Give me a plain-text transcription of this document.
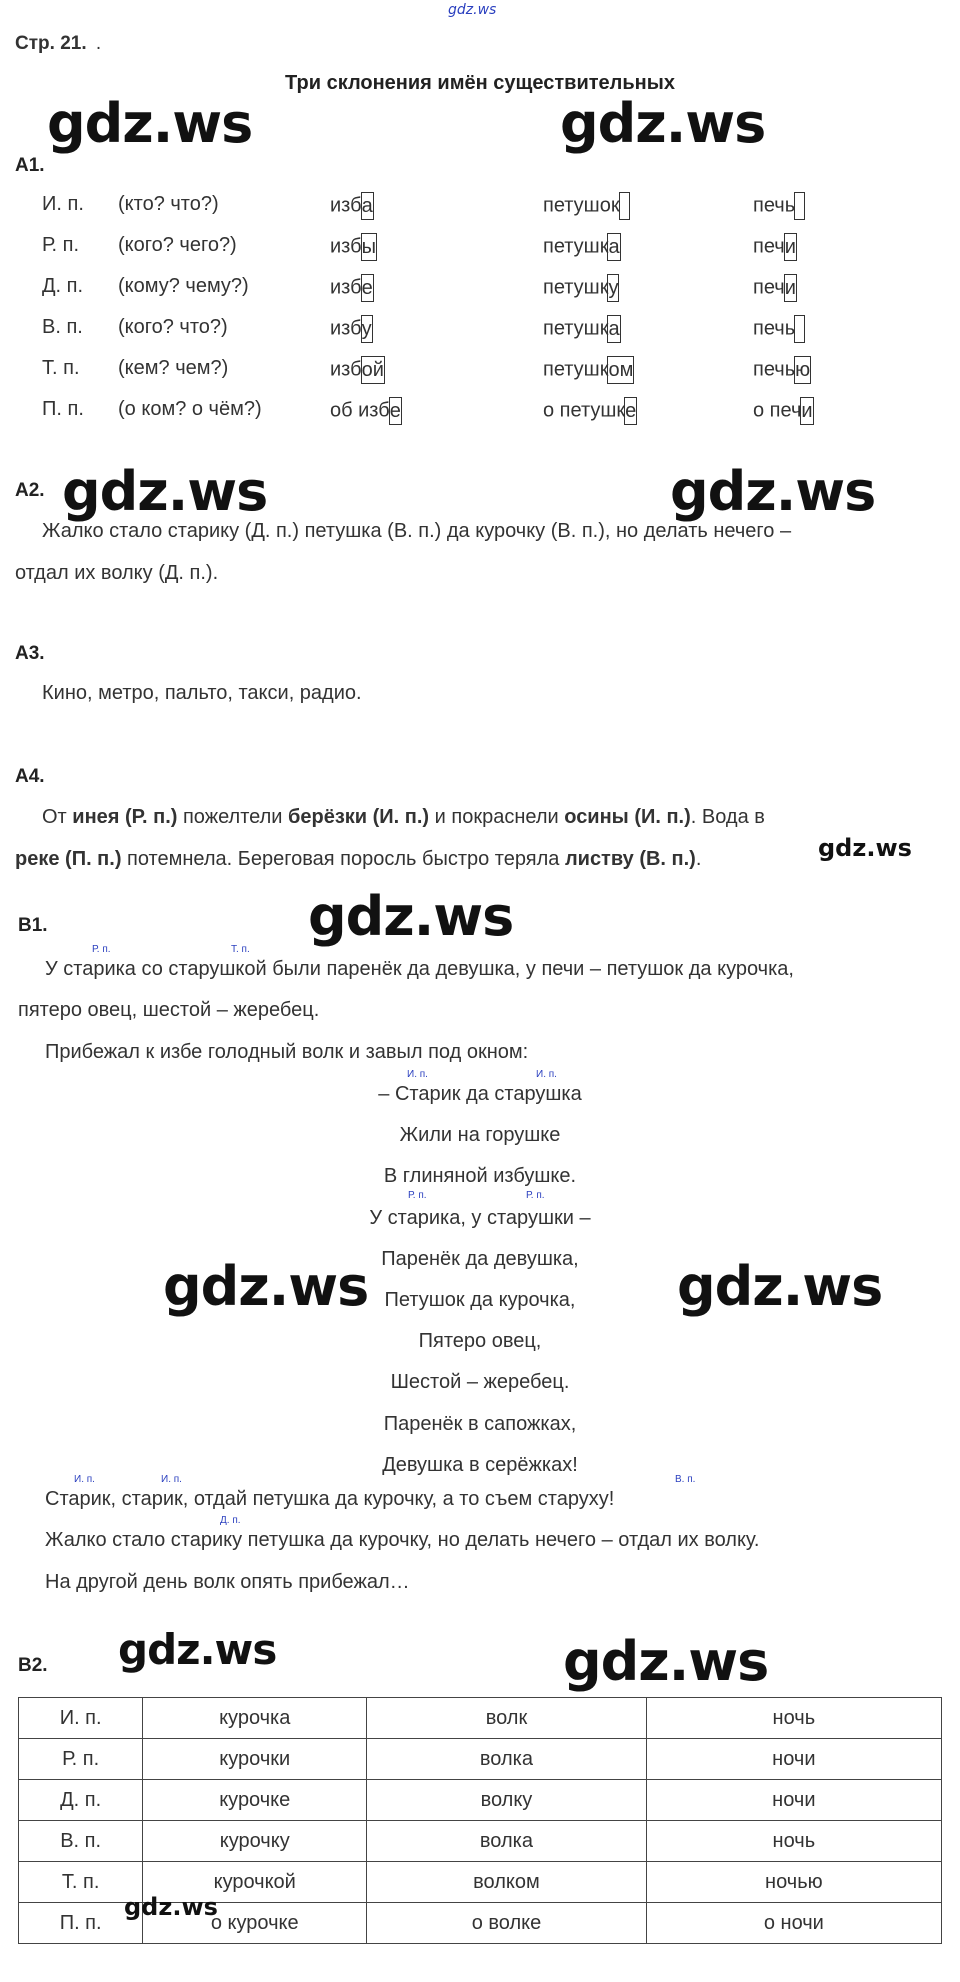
gdz.ws
Стр. 21. .
Три склонения имён существительных
gdz.ws	gdz.ws
gdz.ws	gdz.ws
gdz.ws
gdz.ws
gdz.ws	gdz.ws
gdz.ws	gdz.ws
А1.
И. п. (кто? что?)	изба	петушок	печь
Р. п. (кого? чего?)	избы	петушка	печи
Д. п. (кому? чему?)	избе	петушку	печи
В. п. (кого? что?)	избу	петушка	печь
Т. п. (кем? чем?)	избой	петушком	печью
П. п. (о ком? о чём?)	об избе	о петушке	о печи
А2.
Жалко стало старику (Д. п.) петушка (В. п.) да курочку (В. п.), но делать нечего –
отдал их волку (Д. п.).
А3.
Кино, метро, пальто, такси, радио.
А4.
От инея (Р. п.) пожелтели берёзки (И. п.) и покраснели осины (И. п.). Вода в
реке (П. п.) потемнела. Береговая поросль быстро теряла листву (В. п.).
В1.
Р. п.	Т. п.
У старика со старушкой были паренёк да девушка, у печи – петушок да курочка,
пятеро овец, шестой – жеребец.
Прибежал к избе голодный волк и завыл под окном:
И. п.	И. п.
Р. п.	Р. п.
– Старик да старушка
Жили на горушке
В глиняной избушке.
У старика, у старушки –
Паренёк да девушка,
Петушок да курочка,
Пятеро овец,
Шестой – жеребец.
Паренёк в сапожках,
Девушка в серёжках!
И. п.	И. п.	В. п.
Старик, старик, отдай петушка да курочку, а то съем старуху!
Д. п.
Жалко стало старику петушка да курочку, но делать нечего – отдал их волку.
На другой день волк опять прибежал…
В2.
И. п.	курочка	волк	ночь
Р. п.	курочки	волка	ночи
Д. п.	курочке	волку	ночи
В. п.	курочку	волка	ночь
Т. п.	курочкой	волком	ночью
П. п.	о курочке	о волке	о ночи
gdz.ws
